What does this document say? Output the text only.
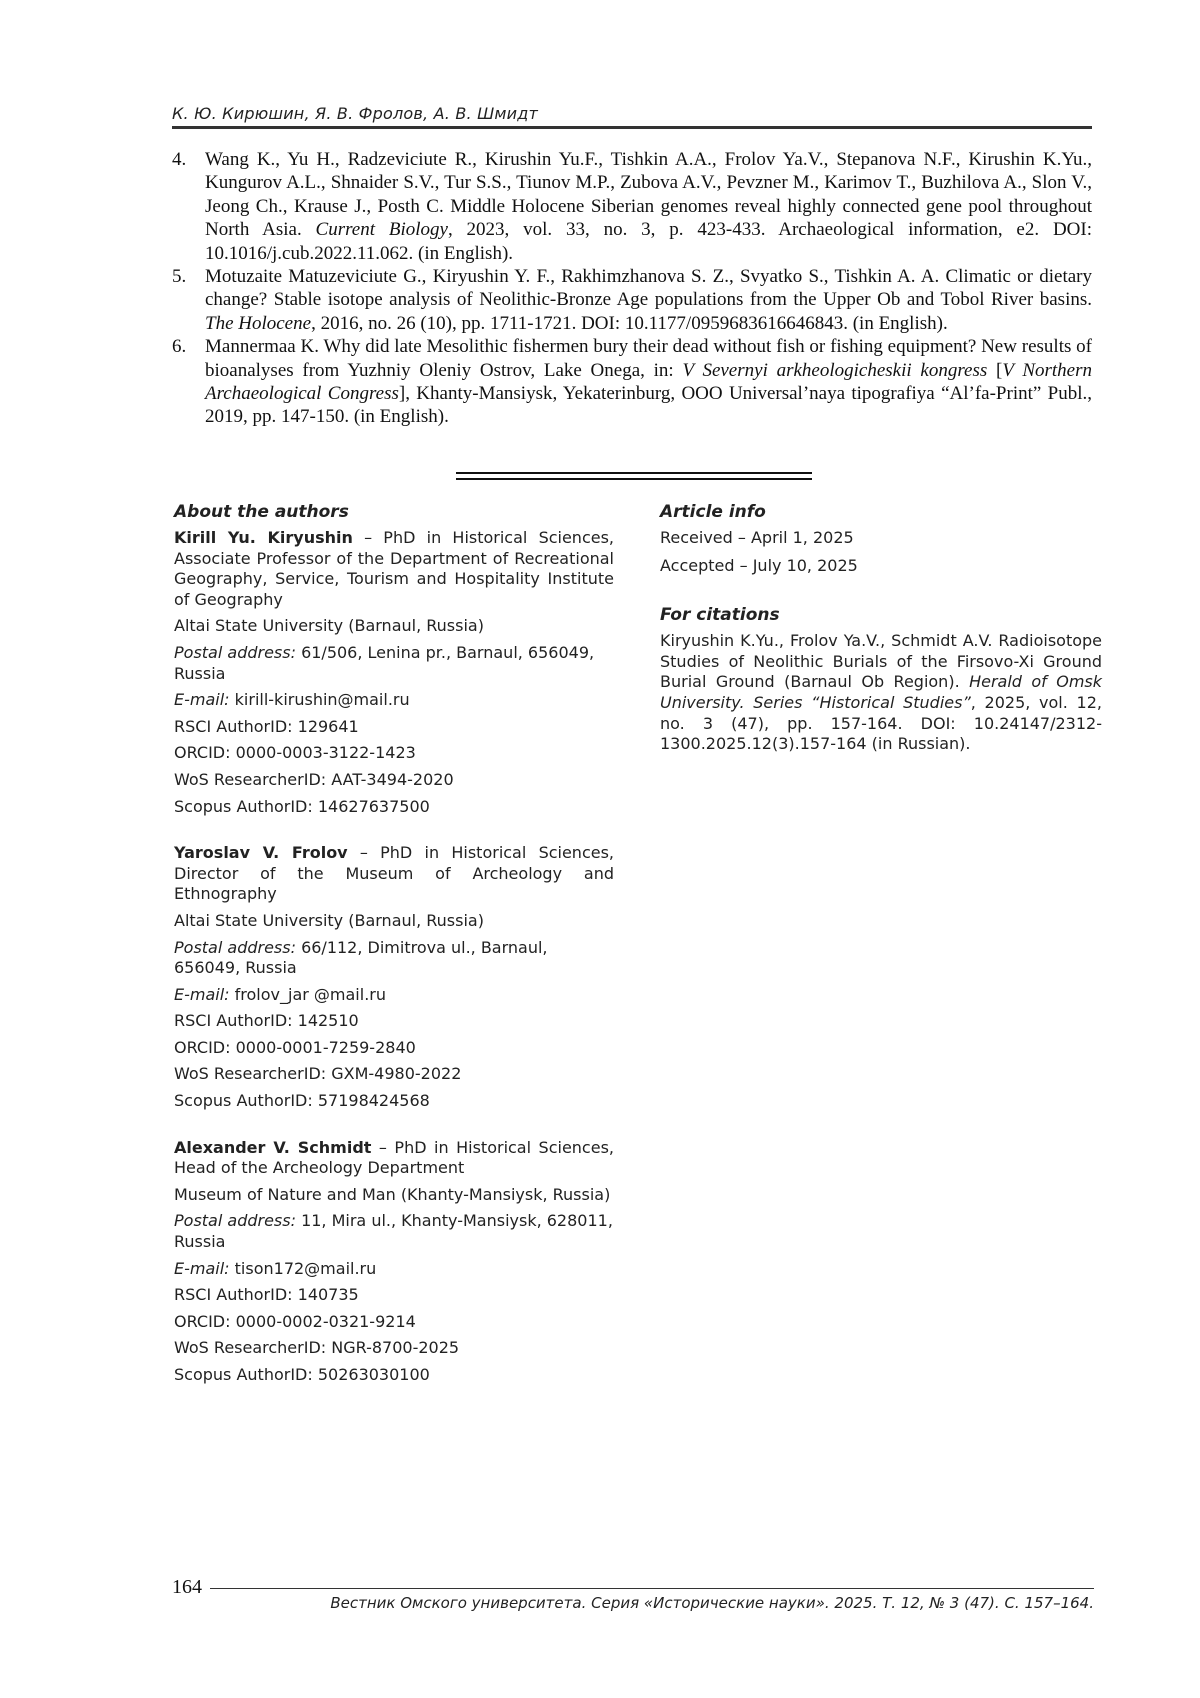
К. Ю. Кирюшин, Я. В. Фролов, А. В. Шмидт
4. Wang K., Yu H., Radzeviciute R., Kirushin Yu.F., Tishkin A.A., Frolov Ya.V., Stepanova N.F., Kirushin K.Yu., Kungurov A.L., Shnaider S.V., Tur S.S., Tiunov M.P., Zubova A.V., Pevzner M., Karimov T., Buzhilova A., Slon V., Jeong Ch., Krause J., Posth C. Middle Holocene Siberian genomes reveal highly connected gene pool throughout North Asia. Current Biology, 2023, vol. 33, no. 3, p. 423-433. Archaeological information, e2. DOI: 10.1016/j.cub.2022.11.062. (in English).
5. Motuzaite Matuzeviciute G., Kiryushin Y. F., Rakhimzhanova S. Z., Svyatko S., Tishkin A. A. Climatic or dietary change? Stable isotope analysis of Neolithic-Bronze Age populations from the Upper Ob and Tobol River basins. The Holocene, 2016, no. 26 (10), pp. 1711-1721. DOI: 10.1177/0959683616646843. (in English).
6. Mannermaa K. Why did late Mesolithic fishermen bury their dead without fish or fishing equipment? New results of bioanalyses from Yuzhniy Oleniy Ostrov, Lake Onega, in: V Severnyi arkheologicheskii kongress [V Northern Archaeological Congress], Khanty-Mansiysk, Yekaterinburg, OOO Universal’naya tipografiya “Al’fa-Print” Publ., 2019, pp. 147-150. (in English).
About the authors
Kirill Yu. Kiryushin – PhD in Historical Sciences, Associate Professor of the Department of Recreational Geography, Service, Tourism and Hospitality Institute of Geography
Altai State University (Barnaul, Russia)
Postal address: 61/506, Lenina pr., Barnaul, 656049, Russia
E-mail: kirill-kirushin@mail.ru
RSCI AuthorID: 129641
ORCID: 0000-0003-3122-1423
WoS ResearcherID: AAT-3494-2020
Scopus AuthorID: 14627637500
Yaroslav V. Frolov – PhD in Historical Sciences, Director of the Museum of Archeology and Ethnography
Altai State University (Barnaul, Russia)
Postal address: 66/112, Dimitrova ul., Barnaul, 656049, Russia
E-mail: frolov_jar @mail.ru
RSCI AuthorID: 142510
ORCID: 0000-0001-7259-2840
WoS ResearcherID: GXM-4980-2022
Scopus AuthorID: 57198424568
Alexander V. Schmidt – PhD in Historical Sciences, Head of the Archeology Department
Museum of Nature and Man (Khanty-Mansiysk, Russia)
Postal address: 11, Mira ul., Khanty-Mansiysk, 628011, Russia
E-mail: tison172@mail.ru
RSCI AuthorID: 140735
ORCID: 0000-0002-0321-9214
WoS ResearcherID: NGR-8700-2025
Scopus AuthorID: 50263030100
Article info
Received – April 1, 2025
Accepted – July 10, 2025
For citations
Kiryushin K.Yu., Frolov Ya.V., Schmidt A.V. Radioisotope Studies of Neolithic Burials of the Firsovo-Xi Ground Burial Ground (Barnaul Ob Region). Herald of Omsk University. Series “Historical Studies”, 2025, vol. 12, no. 3 (47), pp. 157-164. DOI: 10.24147/2312-1300.2025.12(3).157-164 (in Russian).
164
Вестник Омского университета. Серия «Исторические науки». 2025. Т. 12, № 3 (47). С. 157–164.
